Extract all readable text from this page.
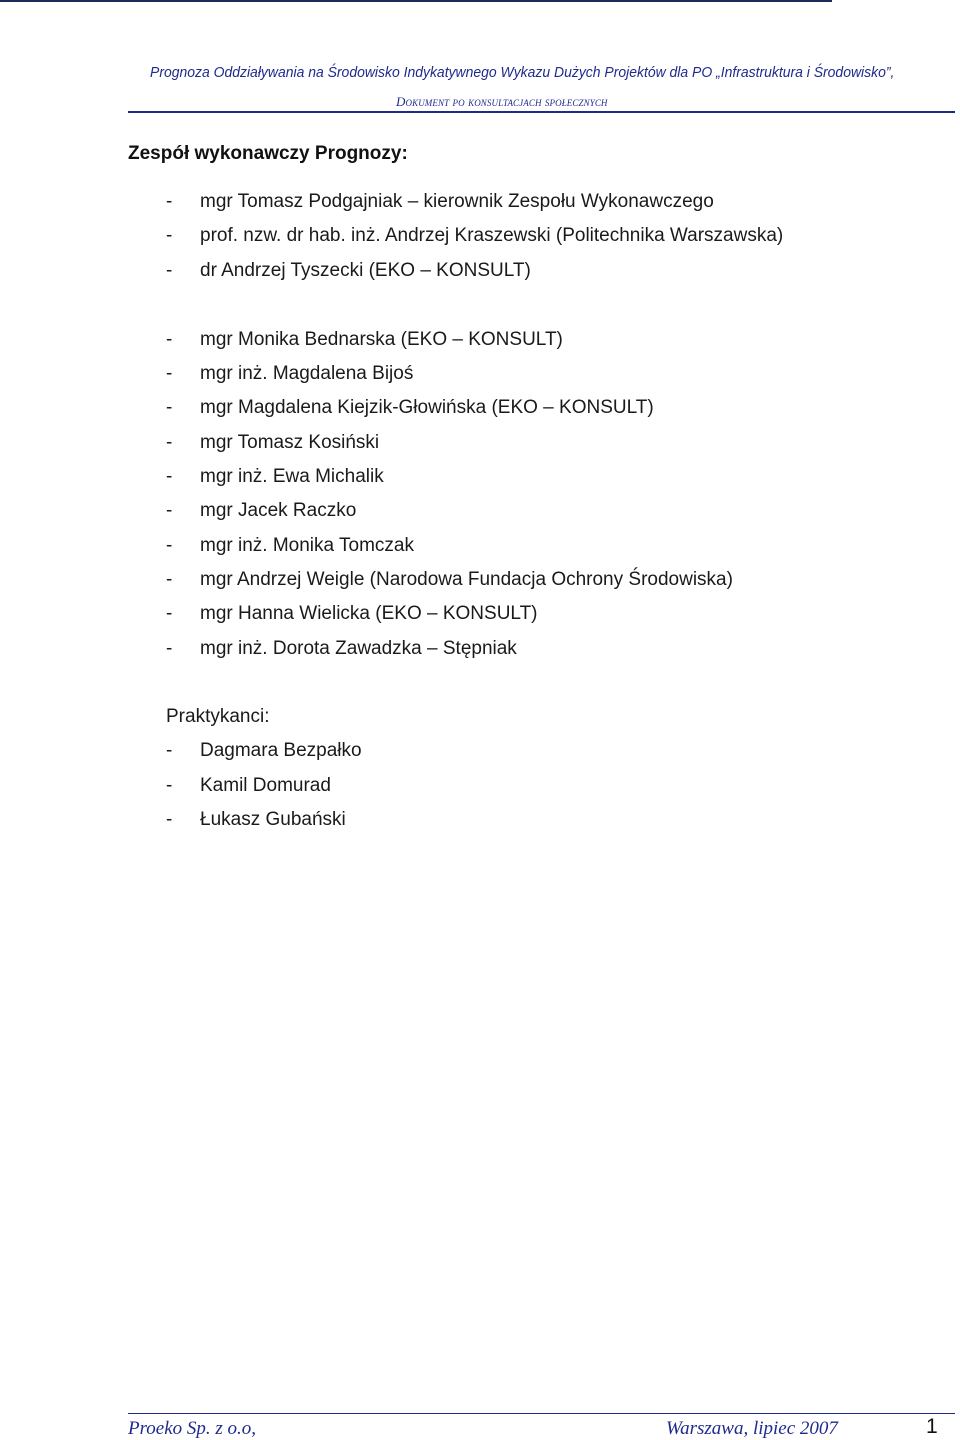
Prognoza Oddziaływania na Środowisko Indykatywnego Wykazu Dużych Projektów dla PO „Infrastruktura i Środowisko”,
Dokument po konsultacjach społecznych
Zespół wykonawczy Prognozy:
- mgr Tomasz Podgajniak – kierownik Zespołu Wykonawczego
- prof. nzw. dr hab. inż. Andrzej Kraszewski (Politechnika Warszawska)
- dr Andrzej Tyszecki (EKO – KONSULT)
- mgr Monika Bednarska (EKO – KONSULT)
- mgr inż. Magdalena Bijoś
- mgr Magdalena Kiejzik-Głowińska (EKO – KONSULT)
- mgr Tomasz Kosiński
- mgr inż. Ewa Michalik
- mgr Jacek Raczko
- mgr inż. Monika Tomczak
- mgr Andrzej Weigle (Narodowa Fundacja Ochrony Środowiska)
- mgr Hanna Wielicka (EKO – KONSULT)
- mgr inż. Dorota Zawadzka – Stępniak
Praktykanci:
- Dagmara Bezpałko
- Kamil Domurad
- Łukasz Gubański
Proeko Sp. z o.o,	Warszawa, lipiec 2007	1
